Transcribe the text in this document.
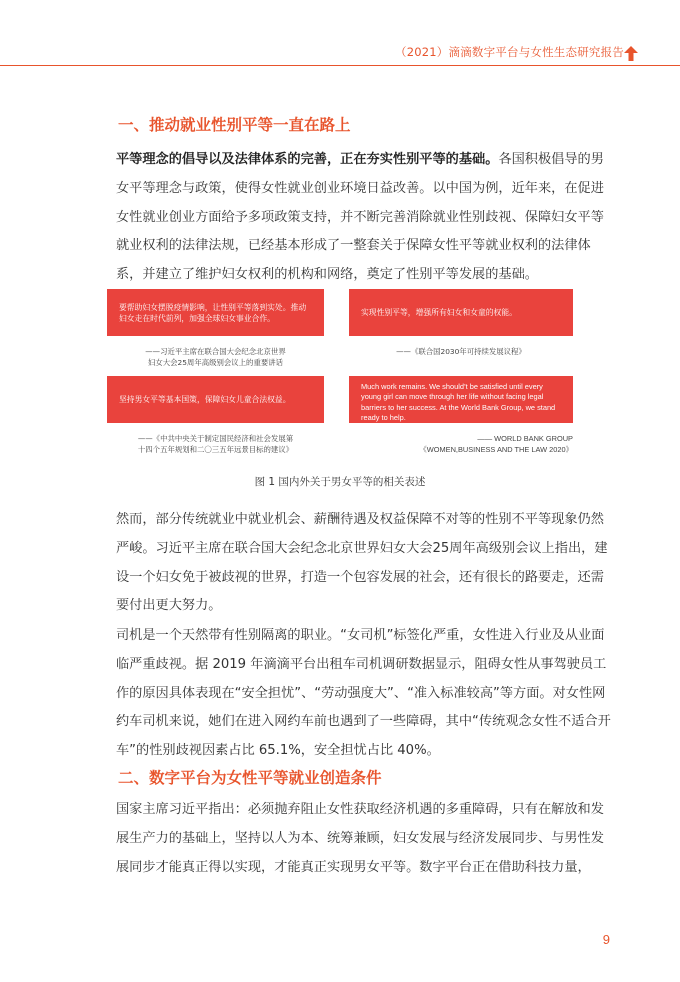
（2021）滴滴数字平台与女性生态研究报告
一、推动就业性别平等一直在路上

平等理念的倡导以及法律体系的完善，正在夯实性别平等的基础。各国积极倡导的男女平等理念与政策，使得女性就业创业环境日益改善。以中国为例，近年来，在促进女性就业创业方面给予多项政策支持，并不断完善消除就业性别歧视、保障妇女平等就业权利的法律法规，已经基本形成了一整套关于保障女性平等就业权利的法律体系，并建立了维护妇女权利的机构和网络，奠定了性别平等发展的基础。

要帮助妇女摆脱疫情影响，让性别平等落到实处。推动妇女走在时代前列，加强全球妇女事业合作。
——习近平主席在联合国大会纪念北京世界
妇女大会25周年高级别会议上的重要讲话
实现性别平等，增强所有妇女和女童的权能。
——《联合国2030年可持续发展议程》
坚持男女平等基本国策，保障妇女儿童合法权益。
——《中共中央关于制定国民经济和社会发展第
十四个五年规划和二〇三五年远景目标的建议》
Much work remains. We should’t be satisfied until every young girl can move through her life without facing legal barriers to her success. At the World Bank Group, we stand ready to help.
—— WORLD BANK GROUP
《WOMEN,BUSINESS AND THE LAW 2020》
图 1 国内外关于男女平等的相关表述

然而，部分传统就业中就业机会、薪酬待遇及权益保障不对等的性别不平等现象仍然严峻。习近平主席在联合国大会纪念北京世界妇女大会25周年高级别会议上指出，建设一个妇女免于被歧视的世界，打造一个包容发展的社会，还有很长的路要走，还需要付出更大努力。

司机是一个天然带有性别隔离的职业。“女司机”标签化严重，女性进入行业及从业面临严重歧视。据 2019 年滴滴平台出租车司机调研数据显示，阻碍女性从事驾驶员工作的原因具体表现在“安全担忧”、“劳动强度大”、“准入标准较高”等方面。对女性网约车司机来说，她们在进入网约车前也遇到了一些障碍，其中“传统观念女性不适合开车”的性别歧视因素占比 65.1%，安全担忧占比 40%。

二、数字平台为女性平等就业创造条件

国家主席习近平指出：必须抛弃阻止女性获取经济机遇的多重障碍，只有在解放和发展生产力的基础上，坚持以人为本、统筹兼顾，妇女发展与经济发展同步、与男性发展同步才能真正得以实现，才能真正实现男女平等。数字平台正在借助科技力量，

9
